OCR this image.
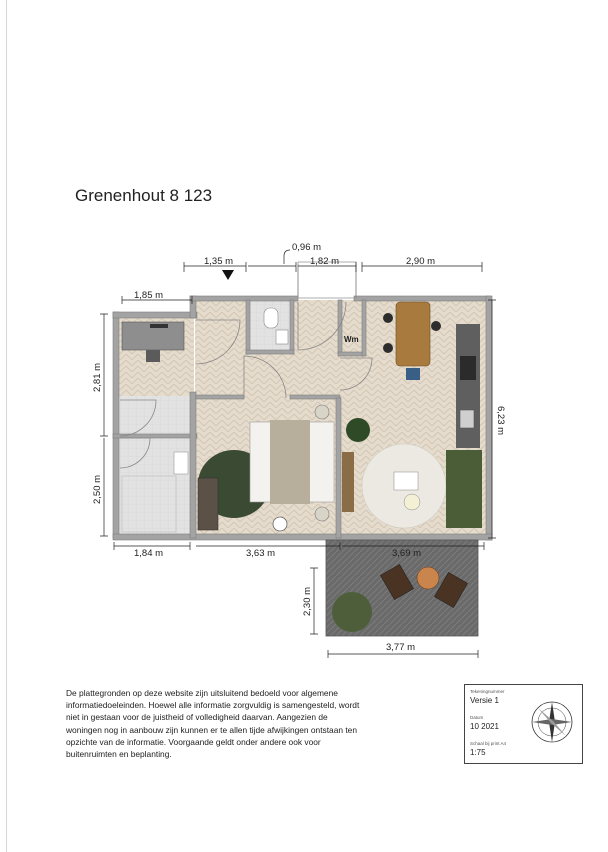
Grenenhout 8 123
1,35 m
0,96 m
1,82 m	2,90 m
1,85 m
2,81 m
2,50 m
6,23 m
1,84 m	3,63 m	3,69 m
2,30 m
3,77 m
Wm
De plattegronden op deze website zijn uitsluitend bedoeld voor algemene
informatiedoeleinden. Hoewel alle informatie zorgvuldig is samengesteld, wordt
niet in gestaan voor de juistheid of volledigheid daarvan. Aangezien de
woningen nog in aanbouw zijn kunnen er te allen tijde afwijkingen ontstaan ten
opzichte van de informatie. Voorgaande geldt onder andere ook voor
buitenruimten en beplanting.
Tekeningnummer
Versie 1
Datum
10 2021
Schaal bij print A4
1:75
